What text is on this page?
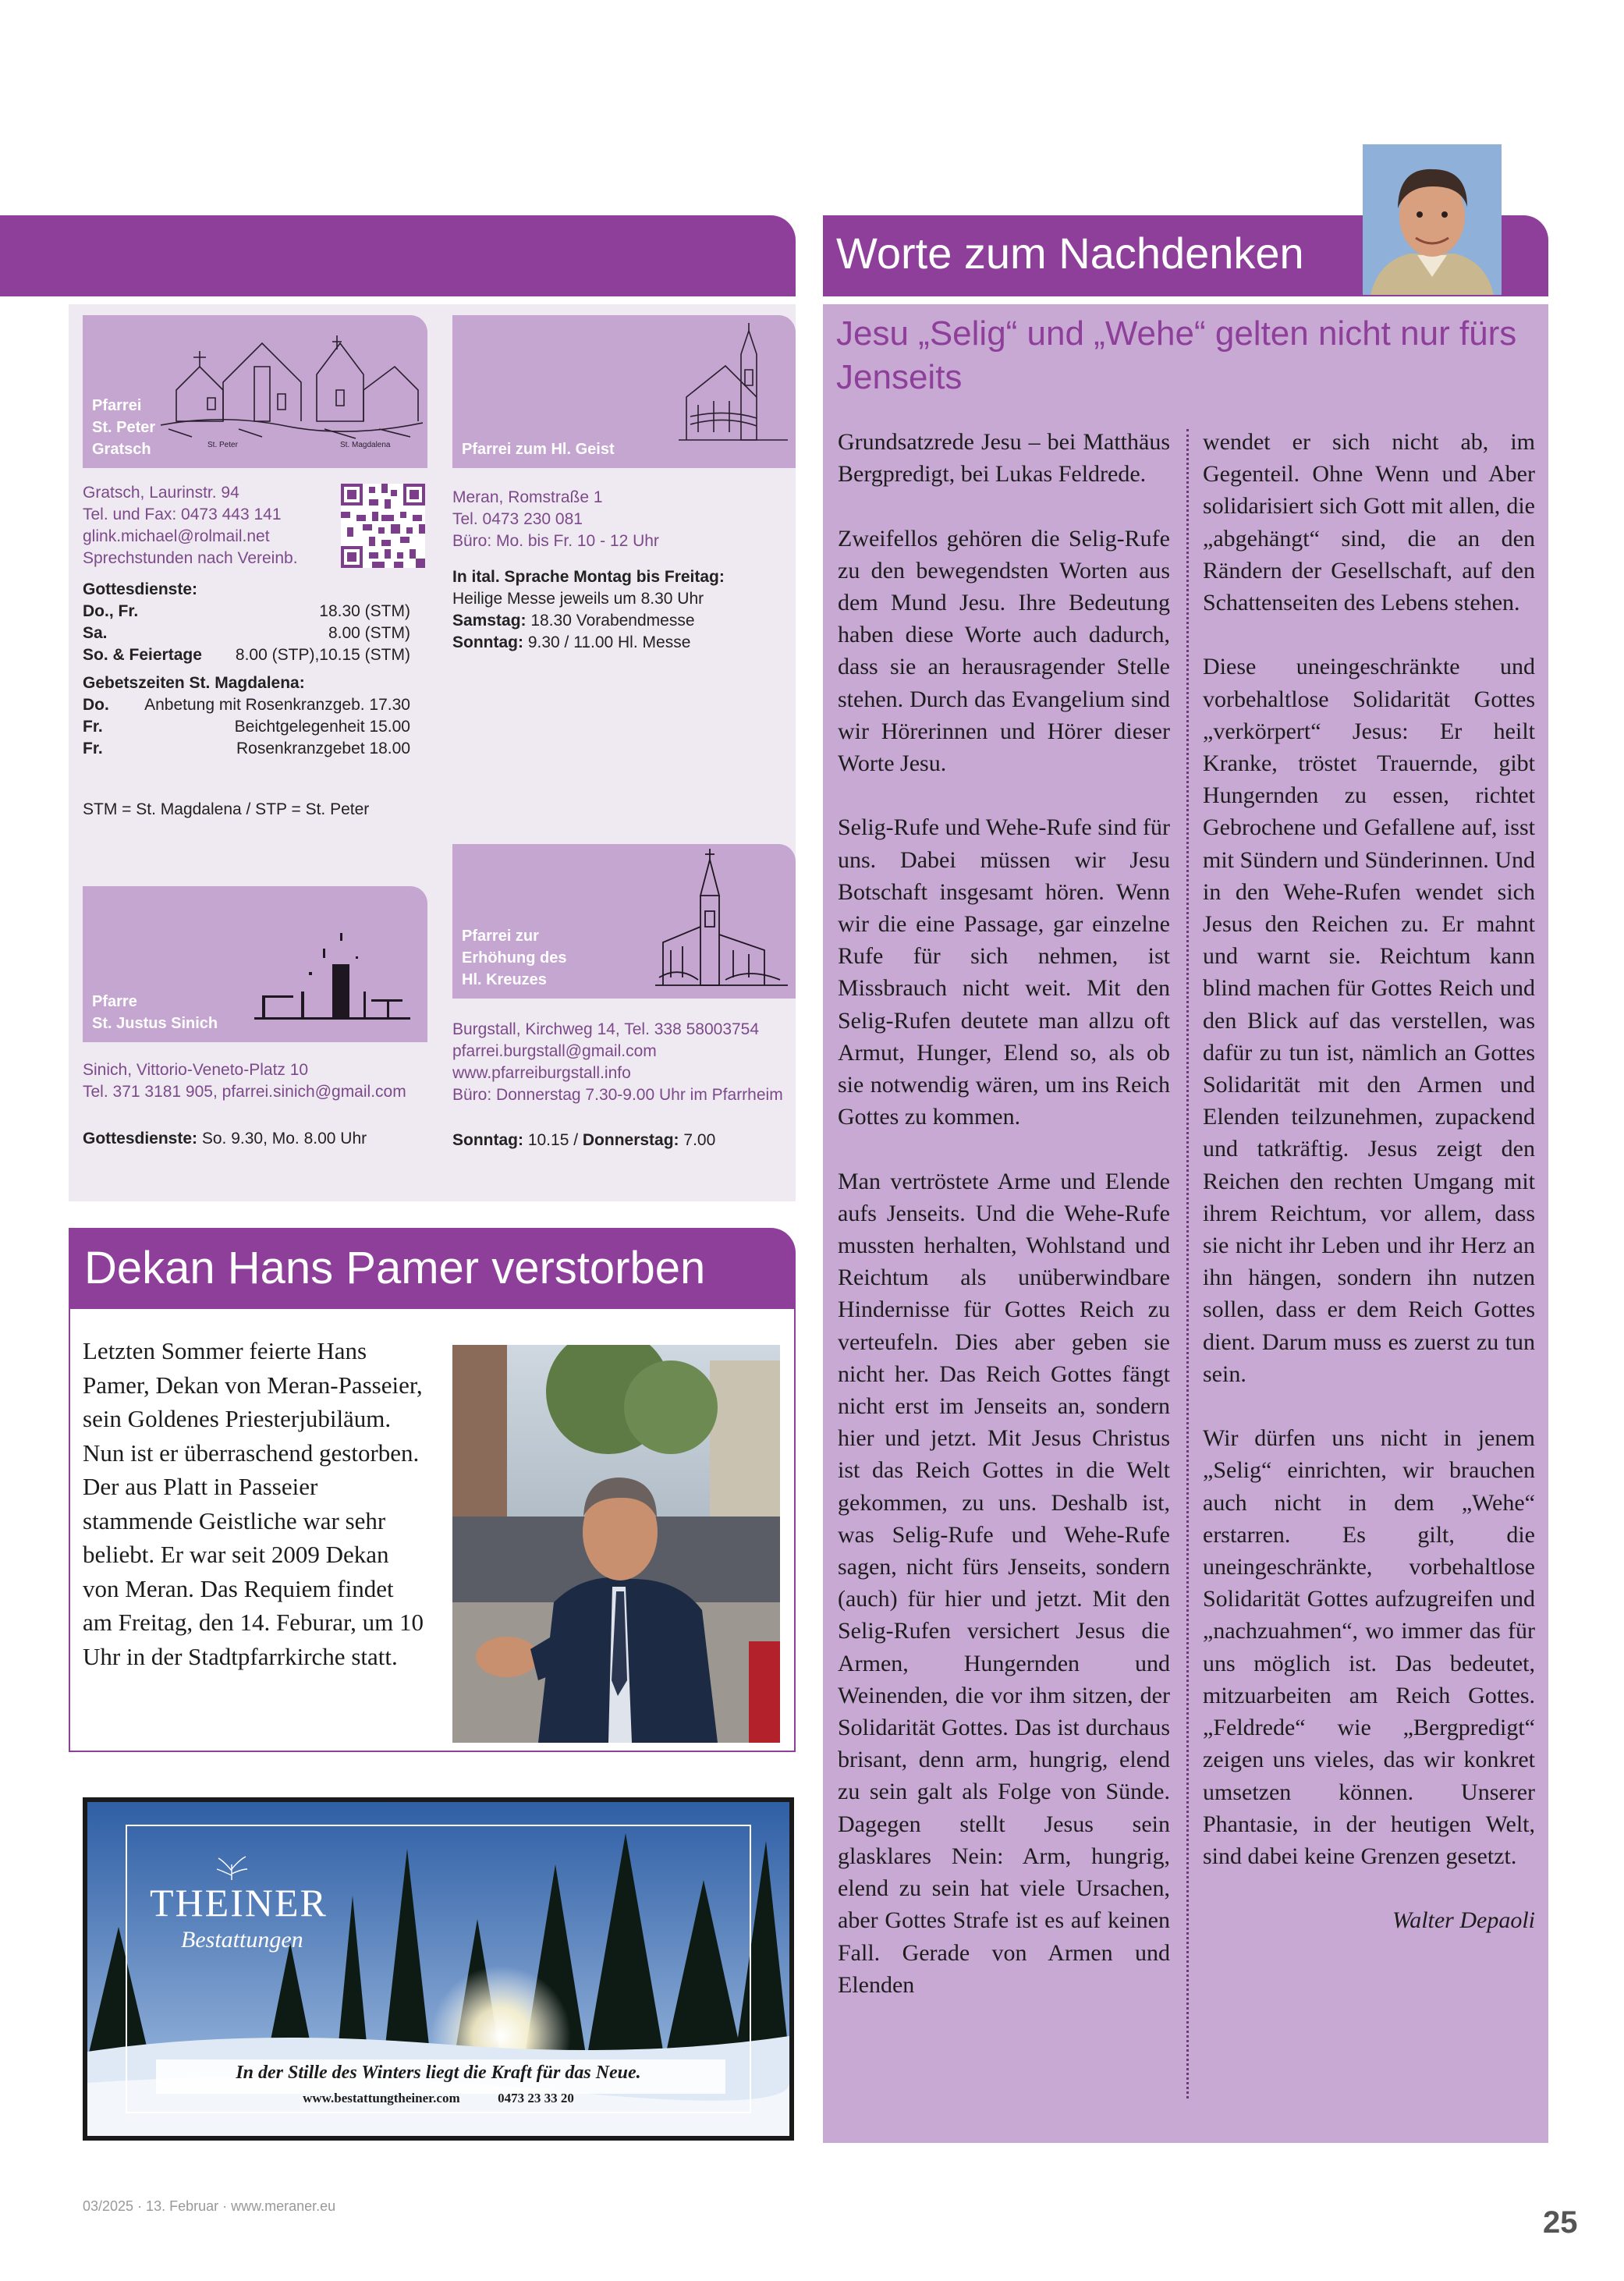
St. Peter	St. Magdalena
Pfarrei
St. Peter
Gratsch
Gratsch, Laurinstr. 94
Tel. und Fax: 0473 443 141
glink.michael@rolmail.net
Sprechstunden nach Vereinb.
Gottesdienste:
Do., Fr.	18.30 (STM)
Sa.	8.00 (STM)
So. & Feiertage 8.00 (STP),10.15 (STM)
Gebetszeiten St. Magdalena:
Do. Anbetung mit Rosenkranzgeb. 17.30
Fr.	Beichtgelegenheit 15.00
Fr.	Rosenkranzgebet 18.00
STM = St. Magdalena / STP = St. Peter
Pfarrei zum Hl. Geist
Meran, Romstraße 1
Tel. 0473 230 081
Büro: Mo. bis Fr. 10 - 12 Uhr
In ital. Sprache Montag bis Freitag:
Heilige Messe jeweils um 8.30 Uhr
Samstag: 18.30 Vorabendmesse
Sonntag: 9.30 / 11.00 Hl. Messe
Pfarre
St. Justus Sinich
Sinich, Vittorio-Veneto-Platz 10
Tel. 371 3181 905, pfarrei.sinich@gmail.com
Gottesdienste: So. 9.30, Mo. 8.00 Uhr
Pfarrei zur
Erhöhung des
Hl. Kreuzes
Burgstall, Kirchweg 14, Tel. 338 58003754
pfarrei.burgstall@gmail.com
www.pfarreiburgstall.info
Büro: Donnerstag 7.30-9.00 Uhr im Pfarrheim
Sonntag: 10.15 / Donnerstag: 7.00
Dekan Hans Pamer verstorben
Letzten Sommer feierte Hans Pamer, Dekan von Meran-Passeier, sein Goldenes Priesterjubiläum. Nun ist er überraschend gestorben. Der aus Platt in Passeier stammende Geistliche war sehr beliebt. Er war seit 2009 Dekan von Meran. Das Requiem findet am Freitag, den 14. Feburar, um 10 Uhr in der Stadtpfarrkirche statt.
THEINER
Bestattungen
In der Stille des Winters liegt die Kraft für das Neue.
www.bestattungtheiner.com	0473 23 33 20
Worte zum Nachdenken
Jesu „Selig“ und „Wehe“ gelten nicht nur fürs Jenseits

Grundsatzrede Jesu – bei Matthäus Bergpredigt, bei Lukas Feldrede.

Zweifellos gehören die Selig-Rufe zu den bewegendsten Worten aus dem Mund Jesu. Ihre Bedeutung haben diese Worte auch dadurch, dass sie an herausragender Stelle stehen. Durch das Evangelium sind wir Hörerinnen und Hörer dieser Worte Jesu.

Selig-Rufe und Wehe-Rufe sind für uns. Dabei müssen wir Jesu Botschaft insgesamt hören. Wenn wir die eine Passage, gar einzelne Rufe für sich nehmen, ist Missbrauch nicht weit. Mit den Selig-Rufen deutete man allzu oft Armut, Hunger, Elend so, als ob sie notwendig wären, um ins Reich Gottes zu kommen.

Man vertröstete Arme und Elende aufs Jenseits. Und die Wehe-Rufe mussten herhalten, Wohlstand und Reichtum als unüberwindbare Hindernisse für Gottes Reich zu verteufeln. Dies aber geben sie nicht her. Das Reich Gottes fängt nicht erst im Jenseits an, sondern hier und jetzt. Mit Jesus Christus ist das Reich Gottes in die Welt gekommen, zu uns. Deshalb ist, was Selig-Rufe und Wehe-Rufe sagen, nicht fürs Jenseits, sondern (auch) für hier und jetzt. Mit den Selig-Rufen versichert Jesus die Armen, Hungernden und Weinenden, die vor ihm sitzen, der Solidarität Gottes. Das ist durchaus brisant, denn arm, hungrig, elend zu sein galt als Folge von Sünde. Dagegen stellt Jesus sein glasklares Nein: Arm, hungrig, elend zu sein hat viele Ursachen, aber Gottes Strafe ist es auf keinen Fall. Gerade von Armen und Elenden

wendet er sich nicht ab, im Gegenteil. Ohne Wenn und Aber solidarisiert sich Gott mit allen, die „abgehängt“ sind, die an den Rändern der Gesellschaft, auf den Schattenseiten des Lebens stehen.

Diese uneingeschränkte und vorbehaltlose Solidarität Gottes „verkörpert“ Jesus: Er heilt Kranke, tröstet Trauernde, gibt Hungernden zu essen, richtet Gebrochene und Gefallene auf, isst mit Sündern und Sünderinnen. Und in den Wehe-Rufen wendet sich Jesus den Reichen zu. Er mahnt und warnt sie. Reichtum kann blind machen für Gottes Reich und den Blick auf das verstellen, was dafür zu tun ist, nämlich an Gottes Solidarität mit den Armen und Elenden teilzunehmen, zupackend und tatkräftig. Jesus zeigt den Reichen den rechten Umgang mit ihrem Reichtum, vor allem, dass sie nicht ihr Leben und ihr Herz an ihn hängen, sondern ihn nutzen sollen, dass er dem Reich Gottes dient. Darum muss es zuerst zu tun sein.

Wir dürfen uns nicht in jenem „Selig“ einrichten, wir brauchen auch nicht in dem „Wehe“ erstarren. Es gilt, die uneingeschränkte, vorbehaltlose Solidarität Gottes aufzugreifen und „nachzuahmen“, wo immer das für uns möglich ist. Das bedeutet, mitzuarbeiten am Reich Gottes. „Feldrede“ wie „Bergpredigt“ zeigen uns vieles, das wir konkret umsetzen können. Unserer Phantasie, in der heutigen Welt, sind dabei keine Grenzen gesetzt.

Walter Depaoli

03/2025 · 13. Februar · www.meraner.eu	25
